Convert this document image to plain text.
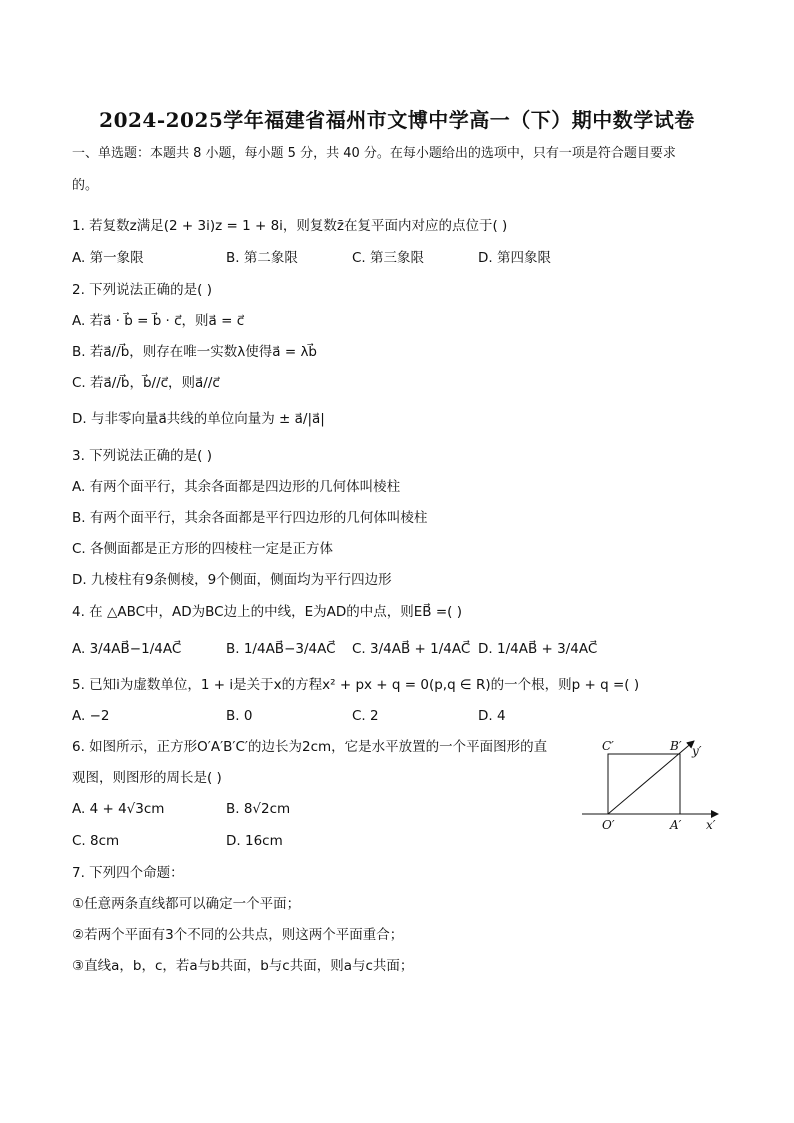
2024-2025学年福建省福州市文博中学高一（下）期中数学试卷
一、单选题：本题共 8 小题，每小题 5 分，共 40 分。在每小题给出的选项中，只有一项是符合题目要求
的。
1. 若复数z满足(2 + 3i)z = 1 + 8i，则复数z̄在复平面内对应的点位于( )
A. 第一象限	B. 第二象限	C. 第三象限	D. 第四象限
2. 下列说法正确的是( )
A. 若a⃗ · b⃗ = b⃗ · c⃗，则a⃗ = c⃗
B. 若a⃗//b⃗，则存在唯一实数λ使得a⃗ = λb⃗
C. 若a⃗//b⃗，b⃗//c⃗，则a⃗//c⃗
D. 与非零向量a⃗共线的单位向量为 ± a⃗/|a⃗|
3. 下列说法正确的是( )
A. 有两个面平行，其余各面都是四边形的几何体叫棱柱
B. 有两个面平行，其余各面都是平行四边形的几何体叫棱柱
C. 各侧面都是正方形的四棱柱一定是正方体
D. 九棱柱有9条侧棱，9个侧面，侧面均为平行四边形
4. 在 △ABC中，AD为BC边上的中线，E为AD的中点，则EB⃗ =( )
A. 3/4AB⃗−1/4AC⃗	B. 1/4AB⃗−3/4AC⃗ C. 3/4AB⃗ + 1/4AC⃗ D. 1/4AB⃗ + 3/4AC⃗
5. 已知i为虚数单位，1 + i是关于x的方程x² + px + q = 0(p,q ∈ R)的一个根，则p + q =( )
A. −2	B. 0	C. 2	D. 4
6. 如图所示，正方形O′A′B′C′的边长为2cm，它是水平放置的一个平面图形的直
观图，则图形的周长是( )
A. 4 + 4√3cm	B. 8√2cm
C. 8cm	D. 16cm
C′	B′ y′
O′	A′ x′
7. 下列四个命题：
①任意两条直线都可以确定一个平面；
②若两个平面有3个不同的公共点，则这两个平面重合；
③直线a，b，c，若a与b共面，b与c共面，则a与c共面；
